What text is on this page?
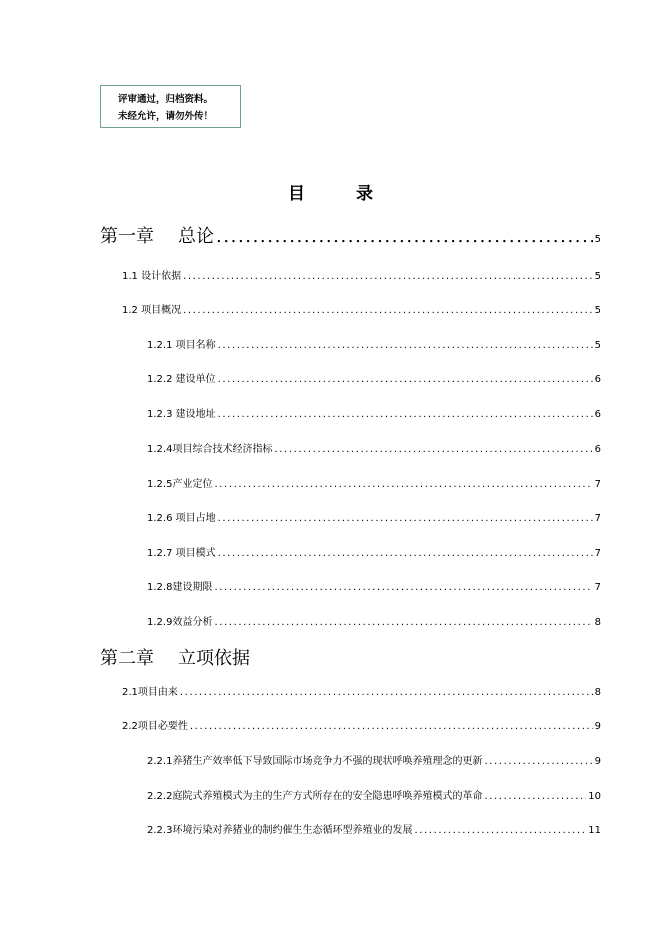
评审通过，归档资料。
未经允许，请勿外传！
目	录
第一章 总论 .....	5
1.1 设计依据 .....	5
1.2 项目概况 .....	5
1.2.1 项目名称 .....	5
1.2.2 建设单位 .....	6
1.2.3 建设地址 .....	6
1.2.4项目综合技术经济指标 .....	6
1.2.5产业定位 .....	7
1.2.6 项目占地 .....	7
1.2.7 项目模式 .....	7
1.2.8建设期限 .....	7
1.2.9效益分析 .....	8
第二章 立项依据
2.1项目由来 .....	8
2.2项目必要性 .....	9
2.2.1养猪生产效率低下导致国际市场竞争力不强的现状呼唤养殖理念的更新 .....	9
2.2.2庭院式养殖模式为主的生产方式所存在的安全隐患呼唤养殖模式的革命 .....	10
2.2.3环境污染对养猪业的制约催生生态循环型养殖业的发展 .....	11
